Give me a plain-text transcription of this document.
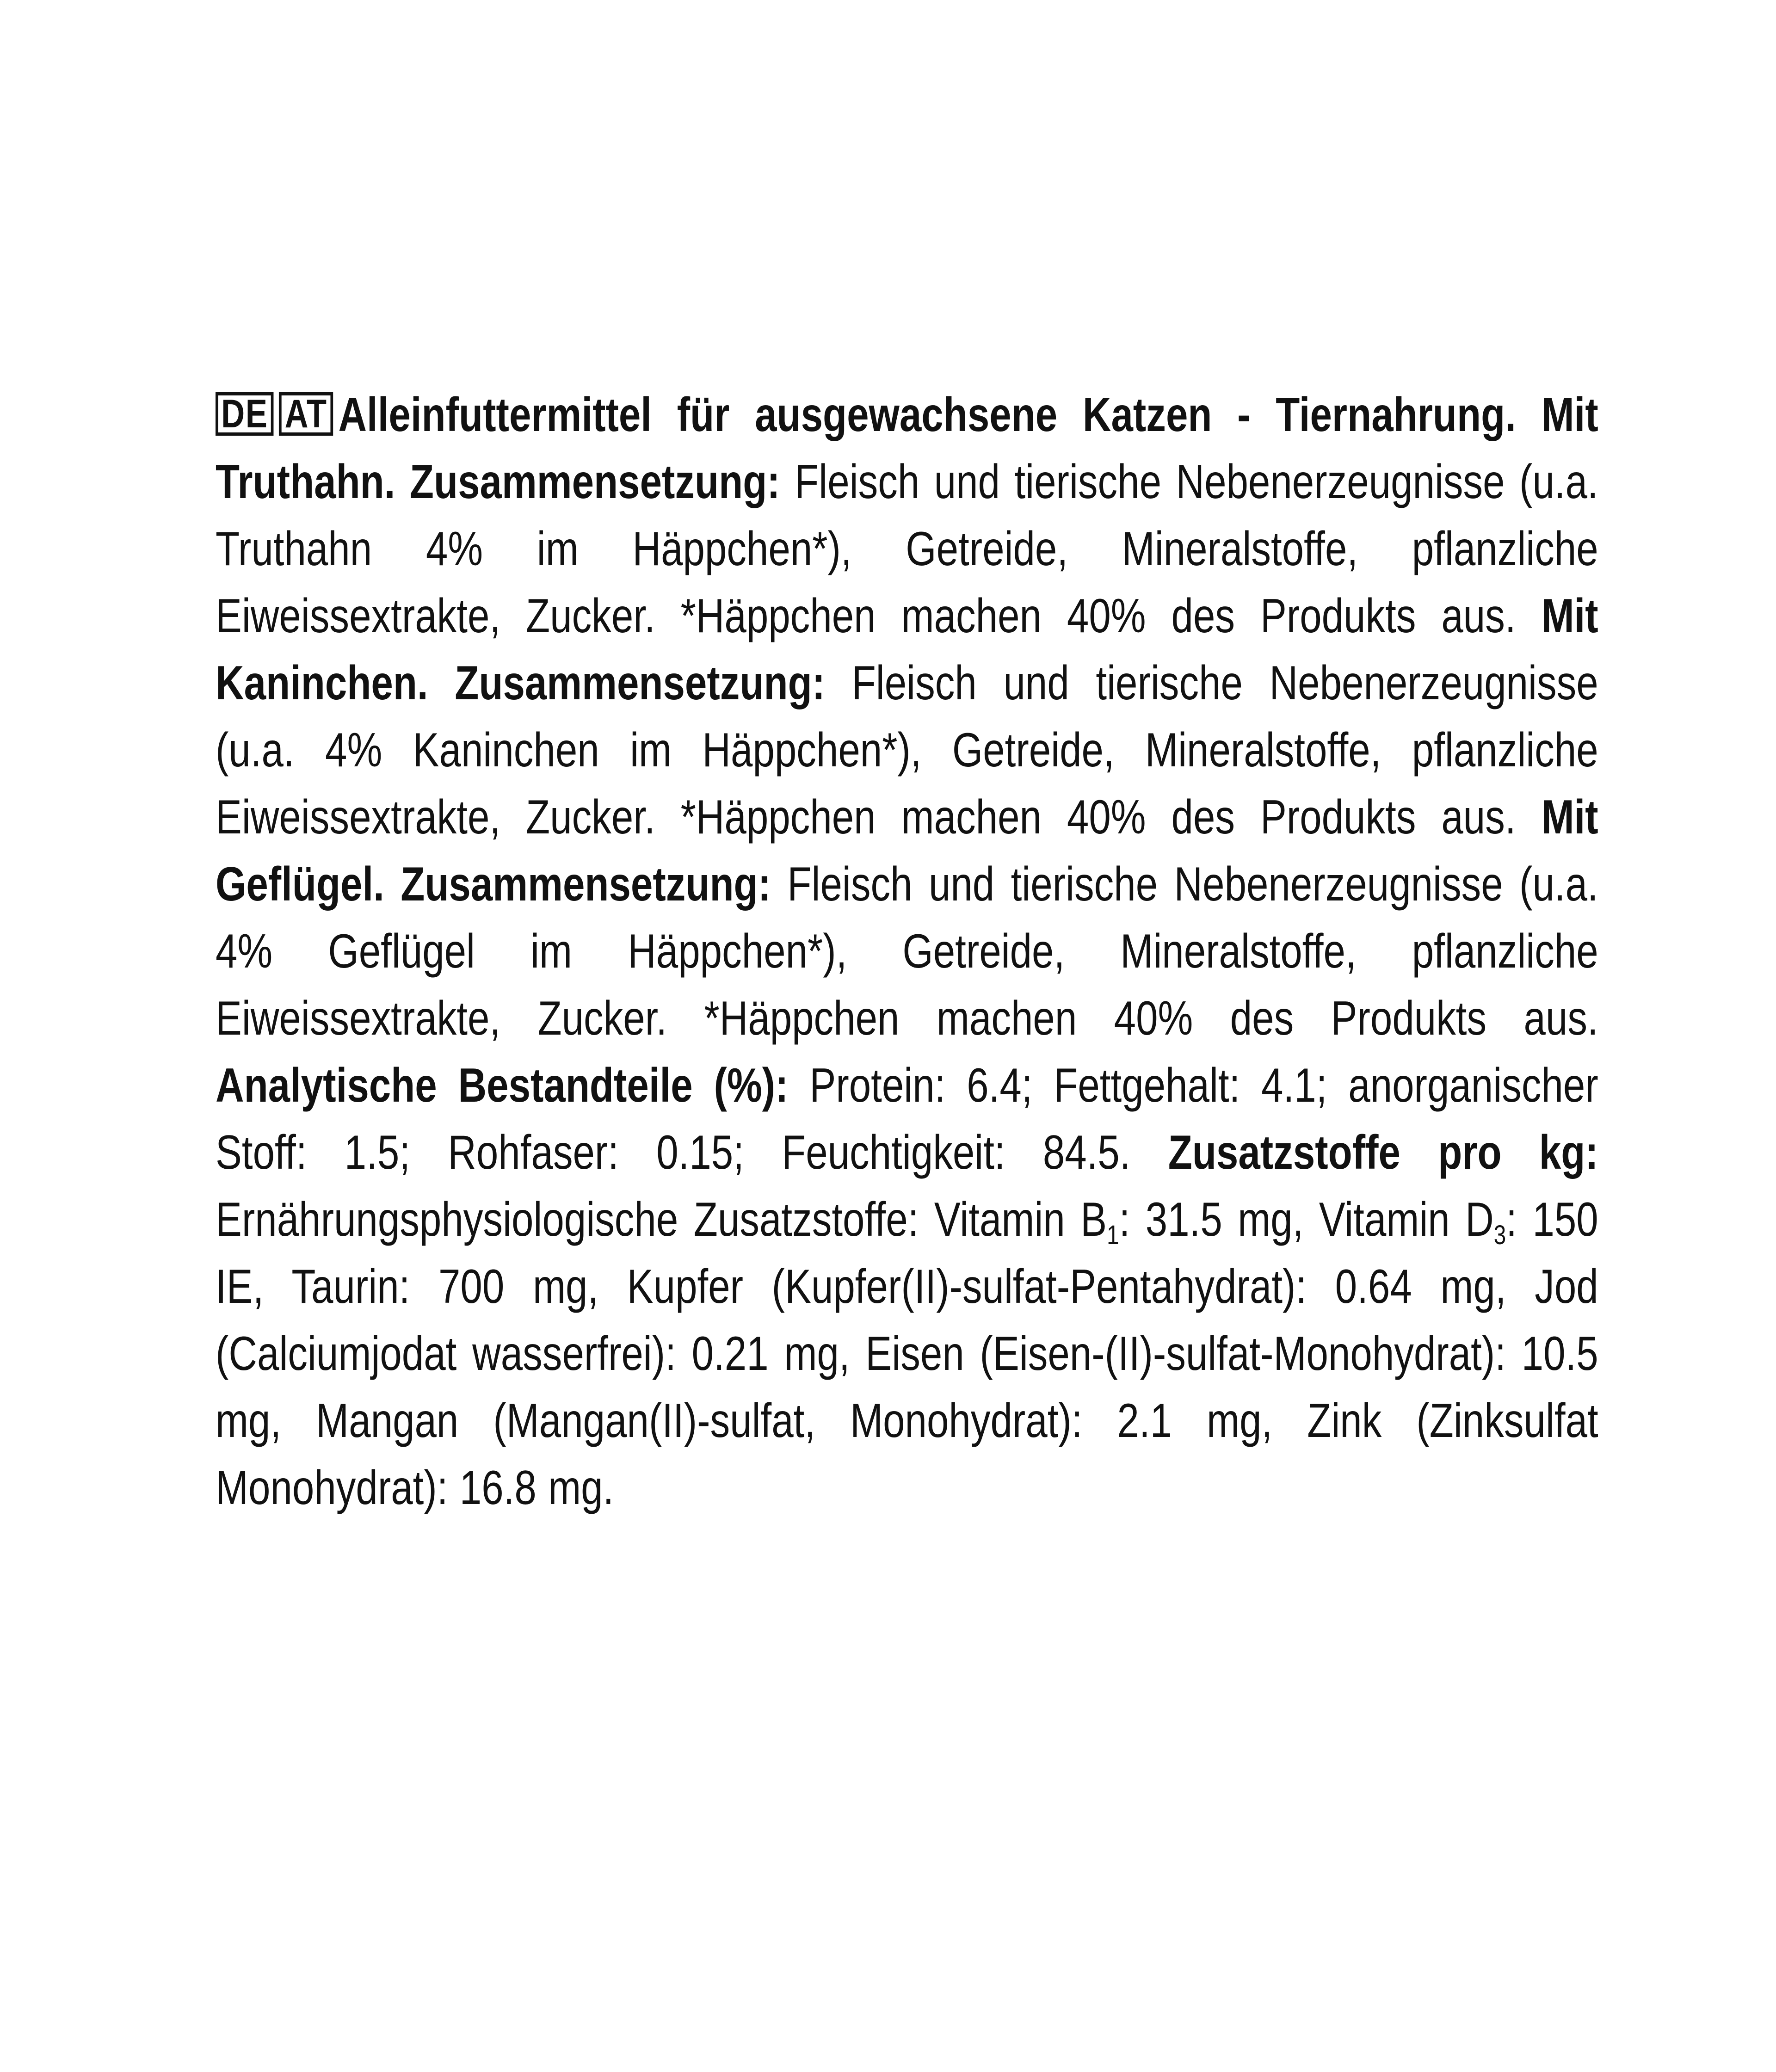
DE AT Alleinfuttermittel für ausgewachsene Katzen - Tiernahrung. Mit Truthahn. Zusammensetzung: Fleisch und tierische Nebenerzeugnisse (u.a. Truthahn 4% im Häppchen*), Getreide, Mineralstoffe, pflanzliche Eiweissextrakte, Zucker. *Häppchen machen 40% des Produkts aus. Mit Kaninchen. Zusammensetzung: Fleisch und tierische Nebenerzeugnisse (u.a. 4% Kaninchen im Häppchen*), Getreide, Mineralstoffe, pflanzliche Eiweissextrakte, Zucker. *Häppchen machen 40% des Produkts aus. Mit Geflügel. Zusammensetzung: Fleisch und tierische Nebenerzeugnisse (u.a. 4% Geflügel im Häppchen*), Getreide, Mineralstoffe, pflanzliche Eiweissextrakte, Zucker. *Häppchen machen 40% des Produkts aus. Analytische Bestandteile (%): Protein: 6.4; Fettgehalt: 4.1; anorganischer Stoff: 1.5; Rohfaser: 0.15; Feuchtigkeit: 84.5. Zusatzstoffe pro kg: Ernährungsphysiologische Zusatzstoffe: Vitamin $B_1$: 31.5 mg, Vitamin $D_3$: 150 IE, Taurin: 700 mg, Kupfer (Kupfer(II)-sulfat-Pentahydrat): 0.64 mg, Jod (Calciumjodat wasserfrei): 0.21 mg, Eisen (Eisen-(II)-sulfat-Monohydrat): 10.5 mg, Mangan (Mangan(II)-sulfat, Monohydrat): 2.1 mg, Zink (Zinksulfat Monohydrat): 16.8 mg.
